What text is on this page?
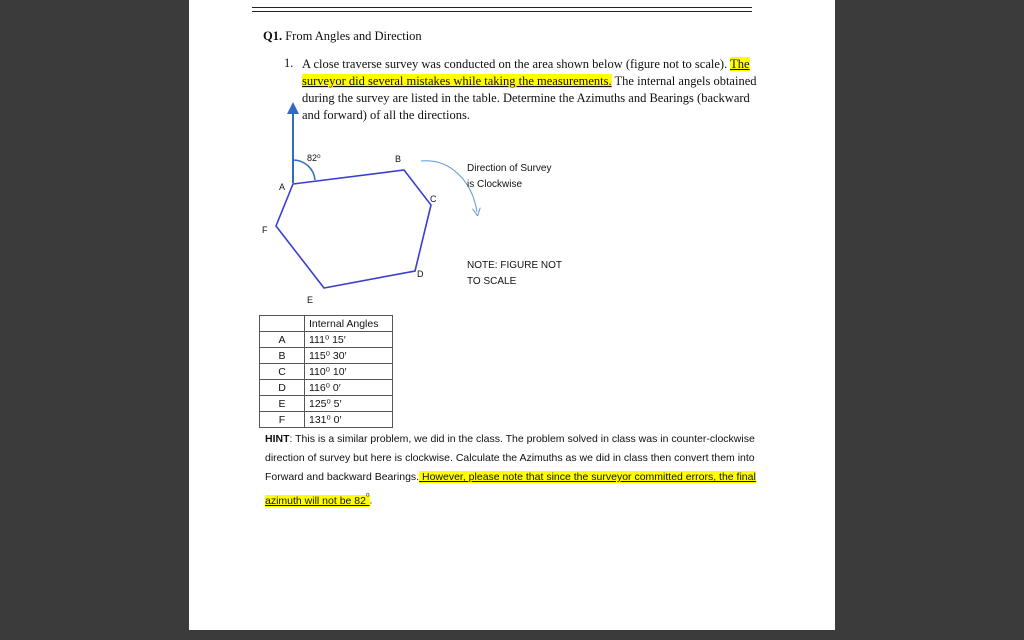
Q1. From Angles and Direction
1. A close traverse survey was conducted on the area shown below (figure not to scale). The surveyor did several mistakes while taking the measurements. The internal angels obtained during the survey are listed in the table. Determine the Azimuths and Bearings (backward and forward) of all the directions.

82⁰
A
B
C
D
E
F
Direction of Survey
is Clockwise
NOTE: FIGURE NOT
TO SCALE
	Internal Angles
A	111⁰ 15′
B	115⁰ 30′
C	110⁰ 10′
D	116⁰ 0′
E	125⁰ 5′
F	131⁰ 0′

HINT: This is a similar problem, we did in the class. The problem solved in class was in counter-clockwise direction of survey but here is clockwise. Calculate the Azimuths as we did in class then convert them into Forward and backward Bearings. However, please note that since the surveyor committed errors, the final azimuth will not be $82^{^0}$.
